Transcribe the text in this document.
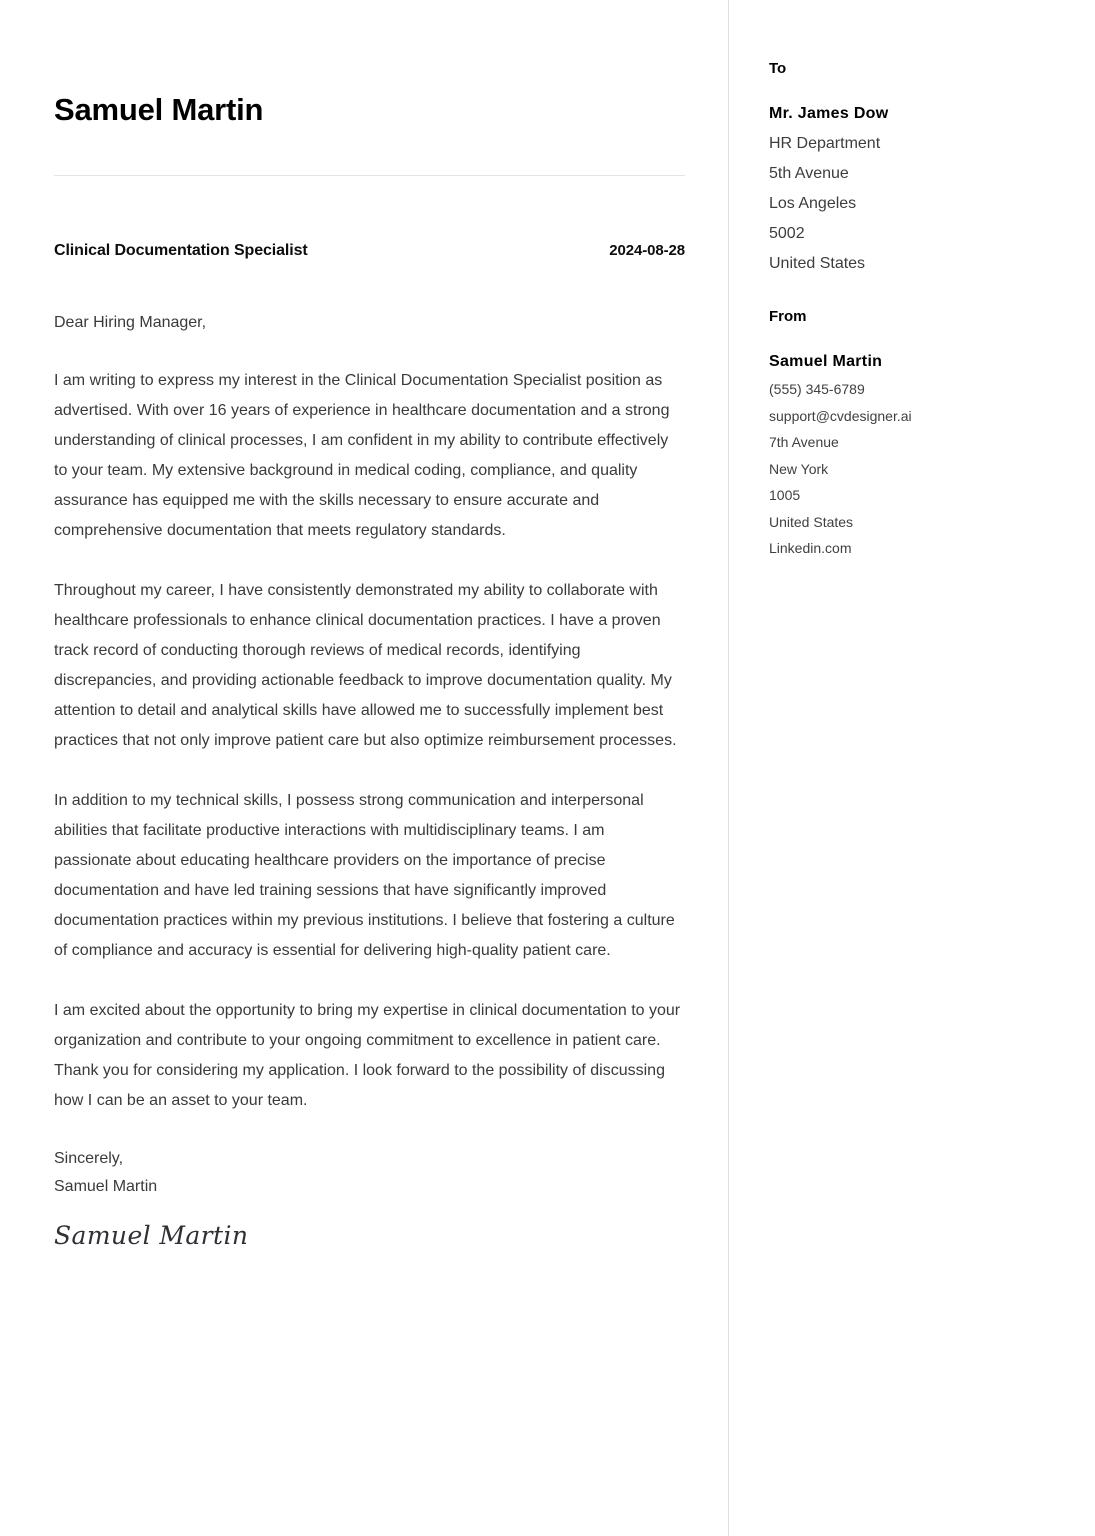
Samuel Martin
Clinical Documentation Specialist	2024-08-28
Dear Hiring Manager,

I am writing to express my interest in the Clinical Documentation Specialist position as advertised. With over 16 years of experience in healthcare documentation and a strong understanding of clinical processes, I am confident in my ability to contribute effectively to your team. My extensive background in medical coding, compliance, and quality assurance has equipped me with the skills necessary to ensure accurate and comprehensive documentation that meets regulatory standards.

Throughout my career, I have consistently demonstrated my ability to collaborate with healthcare professionals to enhance clinical documentation practices. I have a proven track record of conducting thorough reviews of medical records, identifying discrepancies, and providing actionable feedback to improve documentation quality. My attention to detail and analytical skills have allowed me to successfully implement best practices that not only improve patient care but also optimize reimbursement processes.

In addition to my technical skills, I possess strong communication and interpersonal abilities that facilitate productive interactions with multidisciplinary teams. I am passionate about educating healthcare providers on the importance of precise documentation and have led training sessions that have significantly improved documentation practices within my previous institutions. I believe that fostering a culture of compliance and accuracy is essential for delivering high-quality patient care.

I am excited about the opportunity to bring my expertise in clinical documentation to your organization and contribute to your ongoing commitment to excellence in patient care. Thank you for considering my application. I look forward to the possibility of discussing how I can be an asset to your team.

Sincerely,
Samuel Martin
Samuel Martin
To
Mr. James Dow
HR Department
5th Avenue
Los Angeles
5002
United States
From
Samuel Martin
(555) 345-6789
support@cvdesigner.ai
7th Avenue
New York
1005
United States
Linkedin.com
